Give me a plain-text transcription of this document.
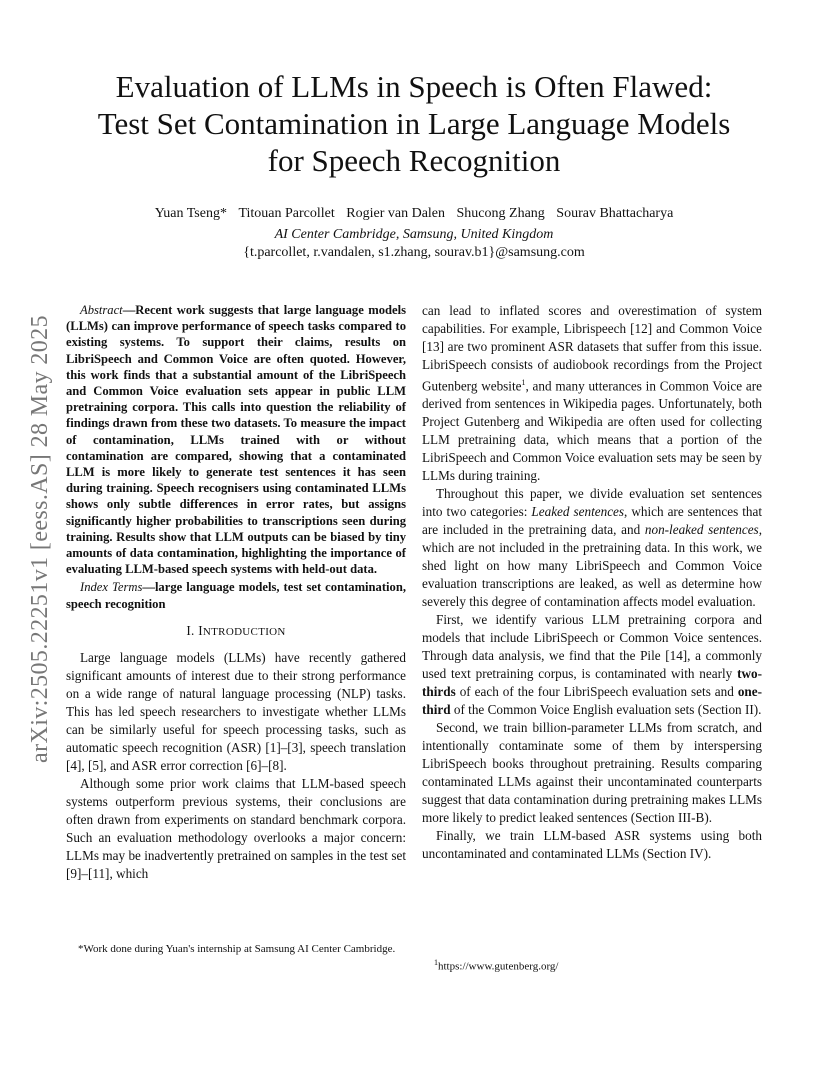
Evaluation of LLMs in Speech is Often Flawed:
Test Set Contamination in Large Language Models
for Speech Recognition
Yuan Tseng* Titouan Parcollet Rogier van Dalen Shucong Zhang Sourav Bhattacharya
AI Center Cambridge, Samsung, United Kingdom
{t.parcollet, r.vandalen, s1.zhang, sourav.b1}@samsung.com
arXiv:2505.22251v1 [eess.AS] 28 May 2025

Abstract—Recent work suggests that large language models (LLMs) can improve performance of speech tasks compared to existing systems. To support their claims, results on LibriSpeech and Common Voice are often quoted. However, this work finds that a substantial amount of the LibriSpeech and Common Voice evaluation sets appear in public LLM pretraining corpora. This calls into question the reliability of findings drawn from these two datasets. To measure the impact of contamination, LLMs trained with or without contamination are compared, showing that a contaminated LLM is more likely to generate test sentences it has seen during training. Speech recognisers using contaminated LLMs shows only subtle differences in error rates, but assigns significantly higher probabilities to transcriptions seen during training. Results show that LLM outputs can be biased by tiny amounts of data contamination, highlighting the importance of evaluating LLM-based speech systems with held-out data.

Index Terms—large language models, test set contamination, speech recognition

I. INTRODUCTION

Large language models (LLMs) have recently gathered significant amounts of interest due to their strong performance on a wide range of natural language processing (NLP) tasks. This has led speech researchers to investigate whether LLMs can be similarly useful for speech processing tasks, such as automatic speech recognition (ASR) [1]–[3], speech translation [4], [5], and ASR error correction [6]–[8].

Although some prior work claims that LLM-based speech systems outperform previous systems, their conclusions are often drawn from experiments on standard benchmark corpora. Such an evaluation methodology overlooks a major concern: LLMs may be inadvertently pretrained on samples in the test set [9]–[11], which

can lead to inflated scores and overestimation of system capabilities. For example, Librispeech [12] and Common Voice [13] are two prominent ASR datasets that suffer from this issue. LibriSpeech consists of audiobook recordings from the Project Gutenberg website$^1$, and many utterances in Common Voice are derived from sentences in Wikipedia pages. Unfortunately, both Project Gutenberg and Wikipedia are often used for collecting LLM pretraining data, which means that a portion of the LibriSpeech and Common Voice evaluation sets may be seen by LLMs during training.

Throughout this paper, we divide evaluation set sentences into two categories: Leaked sentences, which are sentences that are included in the pretraining data, and non-leaked sentences, which are not included in the pretraining data. In this work, we shed light on how many LibriSpeech and Common Voice evaluation transcriptions are leaked, as well as determine how severely this degree of contamination affects model evaluation.

First, we identify various LLM pretraining corpora and models that include LibriSpeech or Common Voice sentences. Through data analysis, we find that the Pile [14], a commonly used text pretraining corpus, is contaminated with nearly two-thirds of each of the four LibriSpeech evaluation sets and one-third of the Common Voice English evaluation sets (Section II).

Second, we train billion-parameter LLMs from scratch, and intentionally contaminate some of them by interspersing LibriSpeech books throughout pretraining. Results comparing contaminated LLMs against their uncontaminated counterparts suggest that data contamination during pretraining makes LLMs more likely to predict leaked sentences (Section III-B).

Finally, we train LLM-based ASR systems using both uncontaminated and contaminated LLMs (Section IV).

*Work done during Yuan's internship at Samsung AI Center Cambridge.
$^1$https://www.gutenberg.org/
